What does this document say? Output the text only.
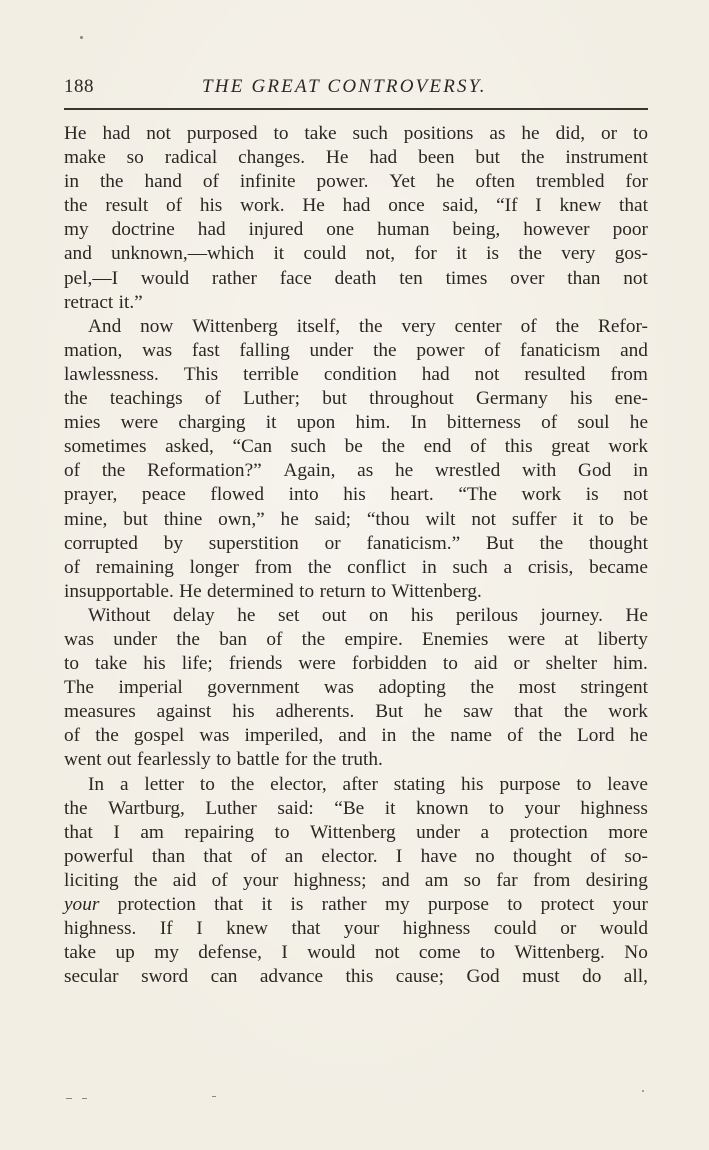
188	THE GREAT CONTROVERSY.
He had not purposed to take such positions as he did, or to
make so radical changes. He had been but the instrument
in the hand of infinite power. Yet he often trembled for
the result of his work. He had once said, “If I knew that
my doctrine had injured one human being, however poor
and unknown,—which it could not, for it is the very gos-
pel,—I would rather face death ten times over than not
retract it.”
And now Wittenberg itself, the very center of the Refor-
mation, was fast falling under the power of fanaticism and
lawlessness. This terrible condition had not resulted from
the teachings of Luther; but throughout Germany his ene-
mies were charging it upon him. In bitterness of soul he
sometimes asked, “Can such be the end of this great work
of the Reformation?” Again, as he wrestled with God in
prayer, peace flowed into his heart. “The work is not
mine, but thine own,” he said; “thou wilt not suffer it to be
corrupted by superstition or fanaticism.” But the thought
of remaining longer from the conflict in such a crisis, became
insupportable. He determined to return to Wittenberg.
Without delay he set out on his perilous journey. He
was under the ban of the empire. Enemies were at liberty
to take his life; friends were forbidden to aid or shelter him.
The imperial government was adopting the most stringent
measures against his adherents. But he saw that the work
of the gospel was imperiled, and in the name of the Lord he
went out fearlessly to battle for the truth.
In a letter to the elector, after stating his purpose to leave
the Wartburg, Luther said: “Be it known to your highness
that I am repairing to Wittenberg under a protection more
powerful than that of an elector. I have no thought of so-
liciting the aid of your highness; and am so far from desiring
your protection that it is rather my purpose to protect your
highness. If I knew that your highness could or would
take up my defense, I would not come to Wittenberg. No
secular sword can advance this cause; God must do all,
